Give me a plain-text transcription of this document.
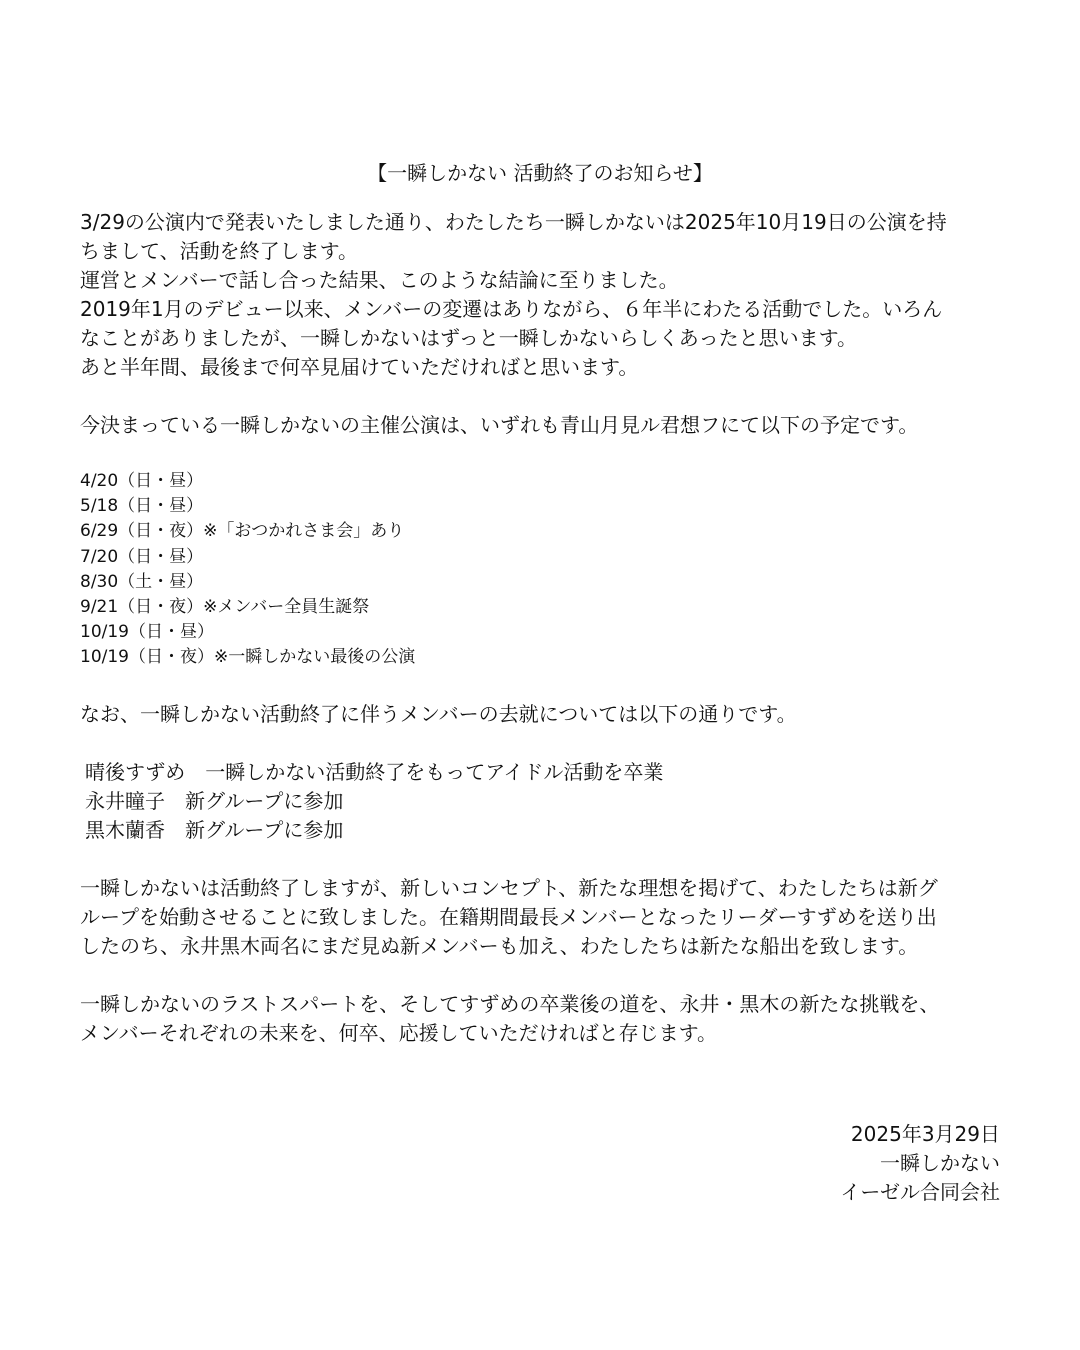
【一瞬しかない 活動終了のお知らせ】
3/29の公演内で発表いたしました通り、わたしたち一瞬しかないは2025年10月19日の公演を持
ちまして、活動を終了します。
運営とメンバーで話し合った結果、このような結論に至りました。
2019年1月のデビュー以来、メンバーの変遷はありながら、６年半にわたる活動でした。いろん
なことがありましたが、一瞬しかないはずっと一瞬しかないらしくあったと思います。
あと半年間、最後まで何卒見届けていただければと思います。
今決まっている一瞬しかないの主催公演は、いずれも青山月見ル君想フにて以下の予定です。
4/20（日・昼）
5/18（日・昼）
6/29（日・夜）※「おつかれさま会」あり
7/20（日・昼）
8/30（土・昼）
9/21（日・夜）※メンバー全員生誕祭
10/19（日・昼）
10/19（日・夜）※一瞬しかない最後の公演
なお、一瞬しかない活動終了に伴うメンバーの去就については以下の通りです。
晴後すずめ　一瞬しかない活動終了をもってアイドル活動を卒業
永井瞳子　新グループに参加
黒木蘭香　新グループに参加
一瞬しかないは活動終了しますが、新しいコンセプト、新たな理想を掲げて、わたしたちは新グ
ループを始動させることに致しました。在籍期間最長メンバーとなったリーダーすずめを送り出
したのち、永井黒木両名にまだ見ぬ新メンバーも加え、わたしたちは新たな船出を致します。
一瞬しかないのラストスパートを、そしてすずめの卒業後の道を、永井・黒木の新たな挑戦を、
メンバーそれぞれの未来を、何卒、応援していただければと存じます。
2025年3月29日
一瞬しかない
イーゼル合同会社
